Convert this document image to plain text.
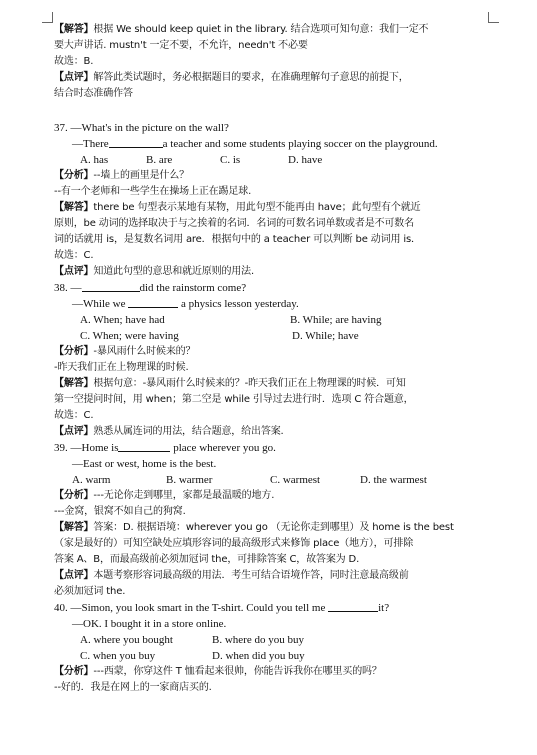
【解答】根据 We should keep quiet in the library. 结合选项可知句意：我们一定不
要大声讲话. mustn't 一定不要，不允许，needn't 不必要
故选：B.
【点评】解答此类试题时，务必根据题目的要求，在准确理解句子意思的前提下，
结合时态准确作答
37. —What's in the picture on the wall?
—There	a teacher and some students playing soccer on the playground.
A. has	B. are	C. is	D. have
【分析】--墙上的画里是什么？
--有一个老师和一些学生在操场上正在踢足球.
【解答】there be 句型表示某地有某物，用此句型不能再由 have；此句型有个就近
原则，be 动词的选择取决于与之挨着的名词．名词的可数名词单数或者是不可数名
词的话就用 is，是复数名词用 are．根据句中的 a teacher 可以判断 be 动词用 is．
故选：C.
【点评】知道此句型的意思和就近原则的用法.
38. —	did the rainstorm come?
—While we	a physics lesson yesterday.
A. When; have had	B. While; are having
C. When; were having	D. While; have
【分析】-暴风雨什么时候来的？
-昨天我们正在上物理课的时候.
【解答】根据句意：-暴风雨什么时候来的？-昨天我们正在上物理课的时候．可知
第一空提问时间，用 when；第二空是 while 引导过去进行时．选项 C 符合题意，
故选：C.
【点评】熟悉从属连词的用法，结合题意，给出答案.
39. —Home is	place wherever you go.
—East or west, home is the best.
A. warm	B. warmer	C. warmest	D. the warmest
【分析】---无论你走到哪里，家都是最温暖的地方.
---金窝，银窝不如自己的狗窝.
【解答】答案：D. 根据语境：wherever you go （无论你走到哪里）及 home is the best
（家是最好的）可知空缺处应填形容词的最高级形式来修饰 place（地方），可排除
答案 A、B，而最高级前必须加冠词 the，可排除答案 C，故答案为 D.
【点评】本题考察形容词最高级的用法．考生可结合语境作答，同时注意最高级前
必须加冠词 the.
40. —Simon, you look smart in the T-shirt. Could you tell me	it?
—OK. I bought it in a store online.
A. where you bought	B. where do you buy
C. when you buy	D. when did you buy
【分析】---西蒙，你穿这件 T 恤看起来很帅，你能告诉我你在哪里买的吗？
--好的．我是在网上的一家商店买的.
